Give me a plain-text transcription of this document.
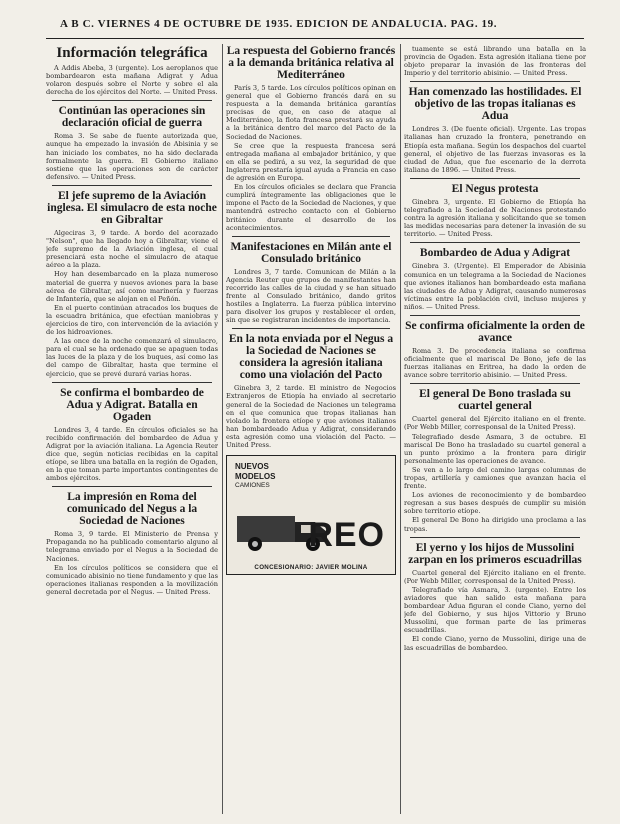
A B C. VIERNES 4 DE OCTUBRE DE 1935. EDICION DE ANDALUCIA. PAG. 19.
Información telegráfica

A Addis Abeba, 3 (urgente). Los aeroplanos que bombardearon esta mañana Adigrat y Adua volaron después sobre el Norte y sobre el ala derecha de los ejércitos del Norte. — United Press.

Continúan las operaciones sin declaración oficial de guerra

Roma 3. Se sabe de fuente autorizada que, aunque ha empezado la invasión de Abisinia y se han iniciado los combates, no ha sido declarada formalmente la guerra. El Gobierno italiano sostiene que las operaciones son de carácter defensivo. — United Press.

El jefe supremo de la Aviación inglesa. El simulacro de esta noche en Gibraltar

Algeciras 3, 9 tarde. A bordo del acorazado "Nelson", que ha llegado hoy a Gibraltar, viene el jefe supremo de la Aviación inglesa, el cual presenciará esta noche el simulacro de ataque aéreo a la plaza.

Hoy han desembarcado en la plaza numeroso material de guerra y nuevos aviones para la base aérea de Gibraltar, así como marinería y fuerzas de Infantería, que se alojan en el Peñón.

En el puerto continúan atracados los buques de la escuadra británica, que efectúan maniobras y ejercicios de tiro, con intervención de la aviación y de los hidroaviones.

A las once de la noche comenzará el simulacro, para el cual se ha ordenado que se apaguen todas las luces de la plaza y de los buques, así como las del campo de Gibraltar, hasta que termine el ejercicio, que se prevé durará varias horas.

Se confirma el bombardeo de Adua y Adigrat. Batalla en Ogaden

Londres 3, 4 tarde. En círculos oficiales se ha recibido confirmación del bombardeo de Adua y Adigrat por la aviación italiana. La Agencia Reuter dice que, según noticias recibidas en la capital etíope, se libra una batalla en la región de Ogaden, en la que toman parte importantes contingentes de ambos ejércitos.

La impresión en Roma del comunicado del Negus a la Sociedad de Naciones

Roma 3, 9 tarde. El Ministerio de Prensa y Propaganda no ha publicado comentario alguno al telegrama enviado por el Negus a la Sociedad de Naciones.

En los círculos políticos se considera que el comunicado abisinio no tiene fundamento y que las operaciones italianas responden a la movilización general decretada por el Negus. — United Press.

La respuesta del Gobierno francés a la demanda británica relativa al Mediterráneo

París 3, 5 tarde. Los círculos políticos opinan en general que el Gobierno francés dará en su respuesta a la demanda británica garantías precisas de que, en caso de ataque al Mediterráneo, la flota francesa prestará su ayuda a la británica dentro del marco del Pacto de la Sociedad de Naciones.

Se cree que la respuesta francesa será entregada mañana al embajador británico, y que en ella se pedirá, a su vez, la seguridad de que Inglaterra prestaría igual ayuda a Francia en caso de agresión en Europa.

En los círculos oficiales se declara que Francia cumplirá íntegramente las obligaciones que le impone el Pacto de la Sociedad de Naciones, y que mantendrá estrecho contacto con el Gobierno británico durante el desarrollo de los acontecimientos.

Manifestaciones en Milán ante el Consulado británico

Londres 3, 7 tarde. Comunican de Milán a la Agencia Reuter que grupos de manifestantes han recorrido las calles de la ciudad y se han situado frente al Consulado británico, dando gritos hostiles a Inglaterra. La fuerza pública intervino para disolver los grupos y restablecer el orden, sin que se registraran incidentes de importancia.

En la nota enviada por el Negus a la Sociedad de Naciones se considera la agresión italiana como una violación del Pacto

Ginebra 3, 2 tarde. El ministro de Negocios Extranjeros de Etiopía ha enviado al secretario general de la Sociedad de Naciones un telegrama en el que comunica que tropas italianas han violado la frontera etíope y que aviones italianos han bombardeado Adua y Adigrat, considerando esta agresión como una violación del Pacto. — United Press.

NUEVOS
MODELOS
CAMIONES
REO
CONCESIONARIO: JAVIER MOLINA

tuamente se está librando una batalla en la provincia de Ogaden. Esta agresión italiana tiene por objeto preparar la invasión de las fronteras del Imperio y del territorio abisinio. — United Press.

Han comenzado las hostilidades. El objetivo de las tropas italianas es Adua

Londres 3. (De fuente oficial). Urgente. Las tropas italianas han cruzado la frontera, penetrando en Etiopía esta mañana. Según los despachos del cuartel general, el objetivo de las fuerzas invasoras es la ciudad de Adua, que fue escenario de la derrota italiana de 1896. — United Press.

El Negus protesta

Ginebra 3, urgente. El Gobierno de Etiopía ha telegrafiado a la Sociedad de Naciones protestando contra la agresión italiana y solicitando que se tomen las medidas necesarias para detener la invasión de su territorio. — United Press.

Bombardeo de Adua y Adigrat

Ginebra 3. (Urgente). El Emperador de Abisinia comunica en un telegrama a la Sociedad de Naciones que aviones italianos han bombardeado esta mañana las ciudades de Adua y Adigrat, causando numerosas víctimas entre la población civil, incluso mujeres y niños. — United Press.

Se confirma oficialmente la orden de avance

Roma 3. De procedencia italiana se confirma oficialmente que el mariscal De Bono, jefe de las fuerzas italianas en Eritrea, ha dado la orden de avance sobre territorio abisinio. — United Press.

El general De Bono traslada su cuartel general

Cuartel general del Ejército italiano en el frente. (Por Webb Miller, corresponsal de la United Press).

Telegrafiado desde Asmara, 3 de octubre. El mariscal De Bono ha trasladado su cuartel general a un punto próximo a la frontera para dirigir personalmente las operaciones de avance.

Se ven a lo largo del camino largas columnas de tropas, artillería y camiones que avanzan hacia el frente.

Los aviones de reconocimiento y de bombardeo regresan a sus bases después de cumplir su misión sobre territorio etíope.

El general De Bono ha dirigido una proclama a las tropas.

El yerno y los hijos de Mussolini zarpan en los primeros escuadrillas

Cuartel general del Ejército italiano en el frente. (Por Webb Miller, corresponsal de la United Press).

Telegrafiado vía Asmara, 3. (urgente). Entre los aviadores que han salido esta mañana para bombardear Adua figuran el conde Ciano, yerno del jefe del Gobierno, y sus hijos Vittorio y Bruno Mussolini, que forman parte de las primeras escuadrillas.

El conde Ciano, yerno de Mussolini, dirige una de las escuadrillas de bombardeo.
